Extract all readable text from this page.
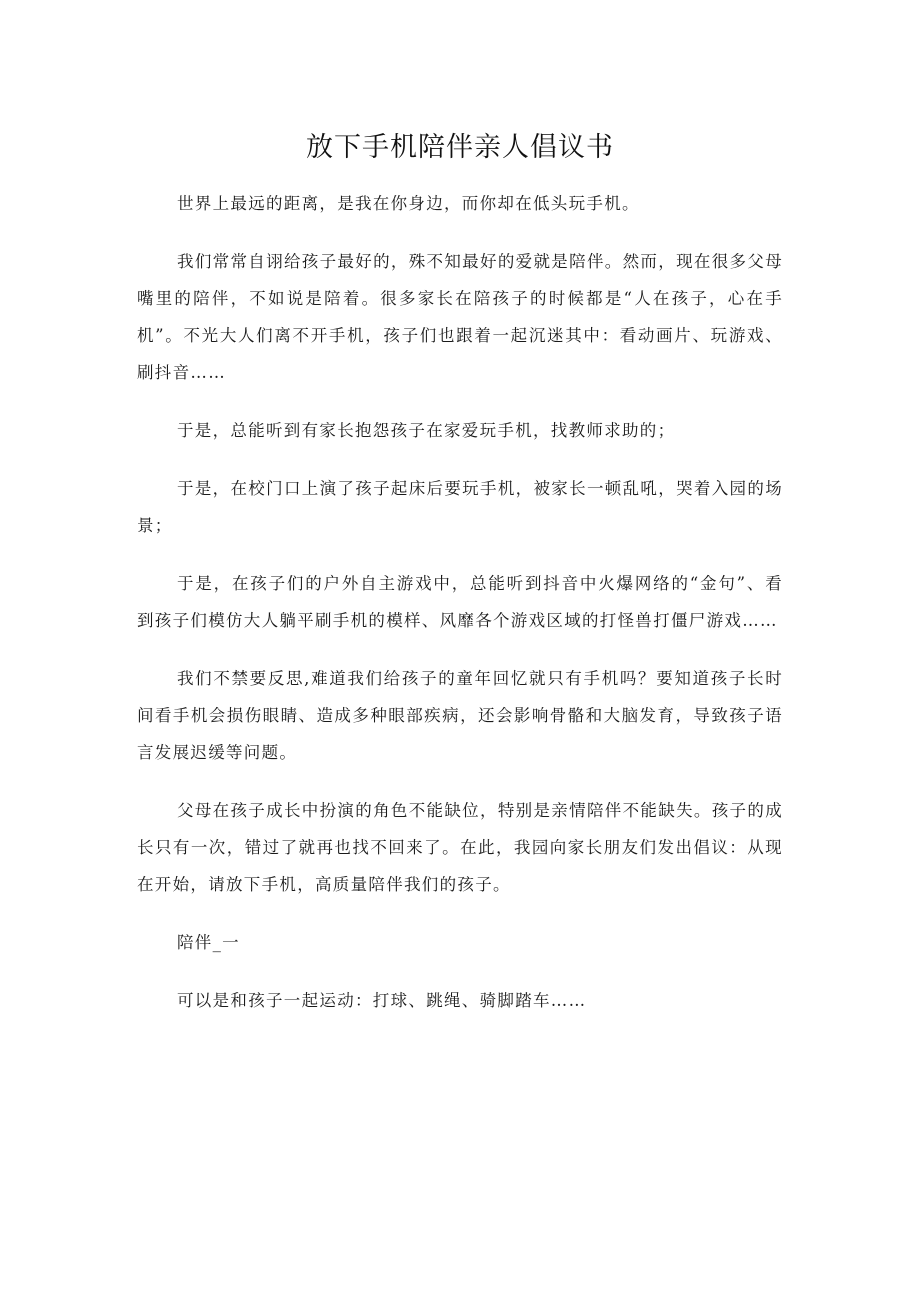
放下手机陪伴亲人倡议书

世界上最远的距离，是我在你身边，而你却在低头玩手机。

我们常常自诩给孩子最好的，殊不知最好的爱就是陪伴。然而，现在很多父母嘴里的陪伴，不如说是陪着。很多家长在陪孩子的时候都是“人在孩子，心在手机”。不光大人们离不开手机，孩子们也跟着一起沉迷其中：看动画片、玩游戏、刷抖音……

于是，总能听到有家长抱怨孩子在家爱玩手机，找教师求助的；

于是，在校门口上演了孩子起床后要玩手机，被家长一顿乱吼，哭着入园的场景；

于是，在孩子们的户外自主游戏中，总能听到抖音中火爆网络的“金句”、看到孩子们模仿大人躺平刷手机的模样、风靡各个游戏区域的打怪兽打僵尸游戏……

我们不禁要反思,难道我们给孩子的童年回忆就只有手机吗？要知道孩子长时间看手机会损伤眼睛、造成多种眼部疾病，还会影响骨骼和大脑发育，导致孩子语言发展迟缓等问题。

父母在孩子成长中扮演的角色不能缺位，特别是亲情陪伴不能缺失。孩子的成长只有一次，错过了就再也找不回来了。在此，我园向家长朋友们发出倡议：从现在开始，请放下手机，高质量陪伴我们的孩子。

陪伴_一

可以是和孩子一起运动：打球、跳绳、骑脚踏车……
